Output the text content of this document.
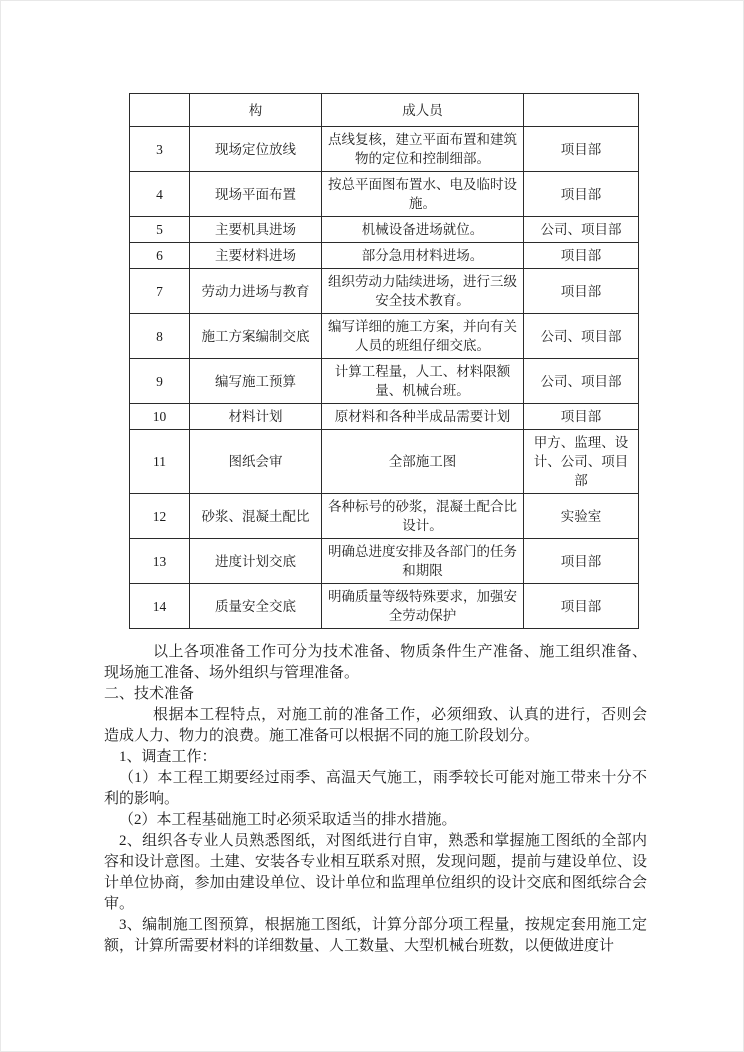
	构	成人员	
3	现场定位放线	点线复核，建立平面布置和建筑物的定位和控制细部。	项目部
4	现场平面布置	按总平面图布置水、电及临时设施。	项目部
5	主要机具进场	机械设备进场就位。	公司、项目部
6	主要材料进场	部分急用材料进场。	项目部
7	劳动力进场与教育	组织劳动力陆续进场，进行三级安全技术教育。	项目部
8	施工方案编制交底	编写详细的施工方案，并向有关人员的班组仔细交底。	公司、项目部
9	编写施工预算	计算工程量，人工、材料限额量、机械台班。	公司、项目部
10	材料计划	原材料和各种半成品需要计划	项目部
11	图纸会审	全部施工图	甲方、监理、设计、公司、项目部
12	砂浆、混凝土配比	各种标号的砂浆，混凝土配合比设计。	实验室
13	进度计划交底	明确总进度安排及各部门的任务和期限	项目部
14	质量安全交底	明确质量等级特殊要求，加强安全劳动保护	项目部

以上各项准备工作可分为技术准备、物质条件生产准备、施工组织准备、现场施工准备、场外组织与管理准备。

二、技术准备

根据本工程特点，对施工前的准备工作，必须细致、认真的进行，否则会造成人力、物力的浪费。施工准备可以根据不同的施工阶段划分。

1、调查工作：

（1）本工程工期要经过雨季、高温天气施工，雨季较长可能对施工带来十分不利的影响。

（2）本工程基础施工时必须采取适当的排水措施。

2、组织各专业人员熟悉图纸，对图纸进行自审，熟悉和掌握施工图纸的全部内容和设计意图。土建、安装各专业相互联系对照，发现问题，提前与建设单位、设计单位协商，参加由建设单位、设计单位和监理单位组织的设计交底和图纸综合会审。

3、编制施工图预算，根据施工图纸，计算分部分项工程量，按规定套用施工定额，计算所需要材料的详细数量、人工数量、大型机械台班数，以便做进度计
